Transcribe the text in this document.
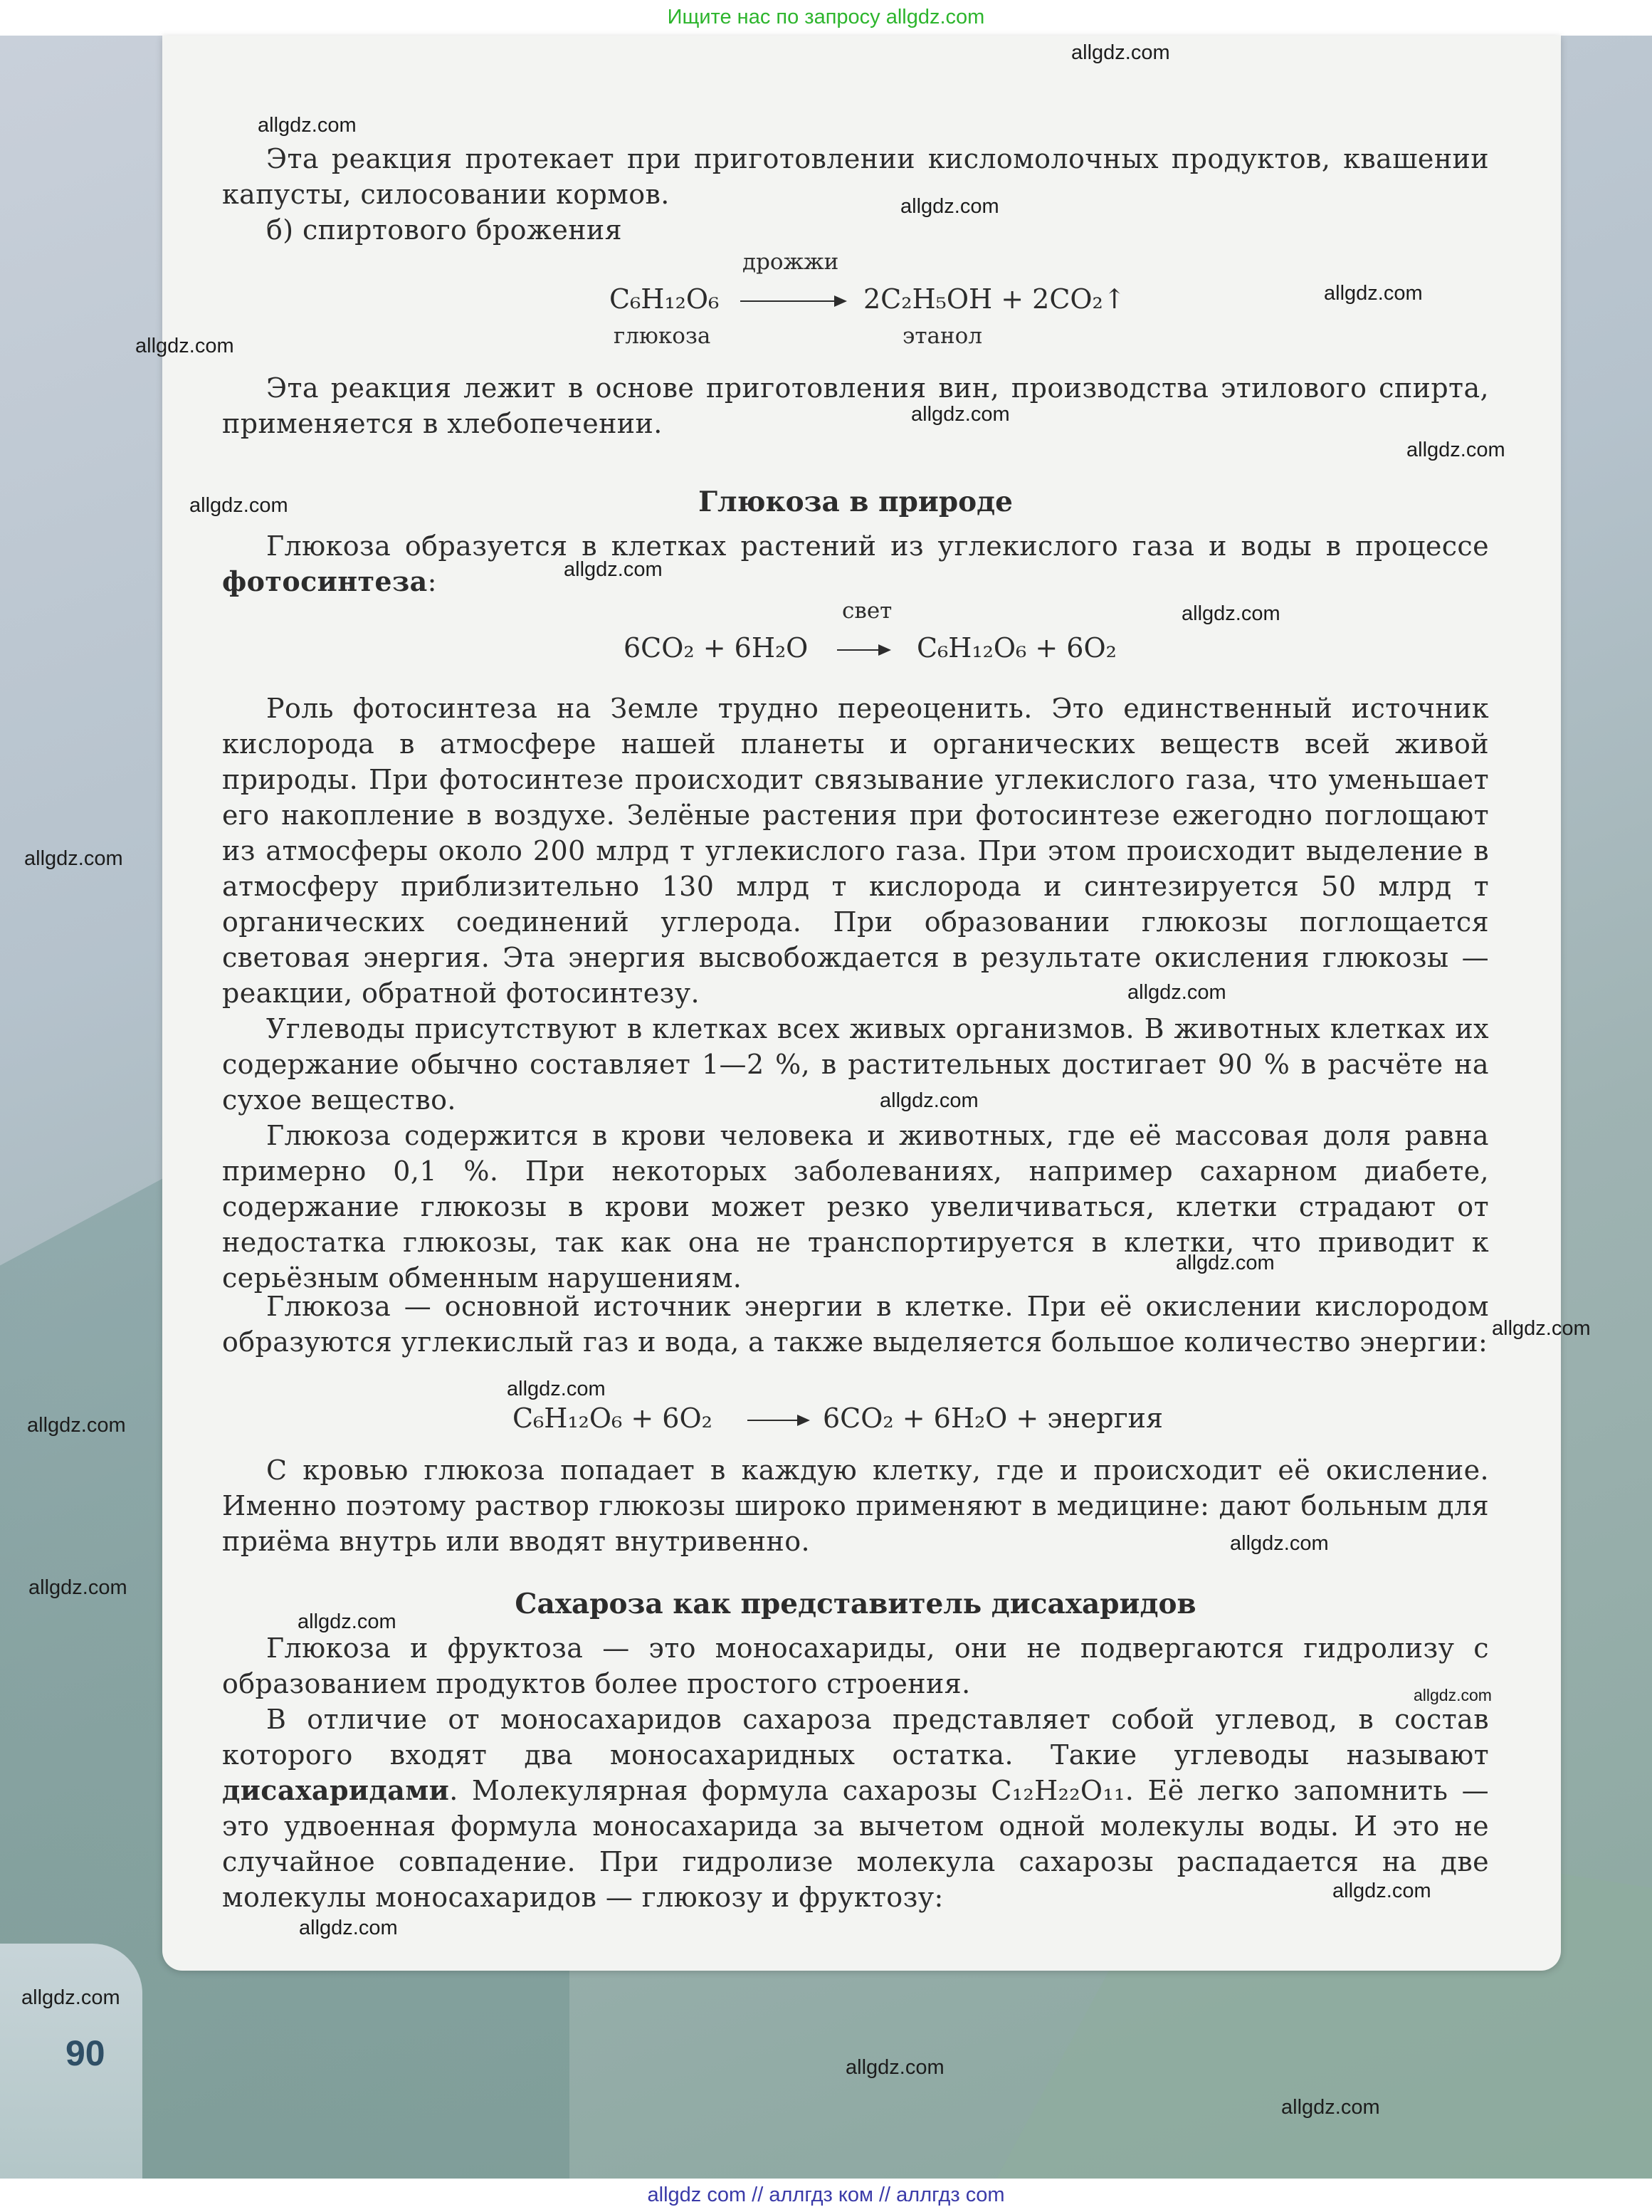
Ищите нас по запросу allgdz.com

Эта реакция протекает при приготовлении кисломолочных продуктов, квашении капусты, силосовании кормов.

б) спиртового брожения

C₆H₁₂O₆
дрожжи
2C₂H₅OH + 2CO₂↑
глюкоза	этанол

Эта реакция лежит в основе приготовления вин, производства этилового спирта, применяется в хлебопечении.

Глюкоза в природе

Глюкоза образуется в клетках растений из углекислого газа и воды в процессе фотосинтеза:

6CO₂ + 6H₂O
свет
C₆H₁₂O₆ + 6O₂

Роль фотосинтеза на Земле трудно переоценить. Это единственный источник кислорода в атмосфере нашей планеты и органических веществ всей живой природы. При фотосинтезе происходит связывание углекислого газа, что уменьшает его накопление в воздухе. Зелёные растения при фотосинтезе ежегодно поглощают из атмосферы около 200 млрд т углекислого газа. При этом происходит выделение в атмосферу приблизительно 130 млрд т кислорода и синтезируется 50 млрд т органических соединений углерода. При образовании глюкозы поглощается световая энергия. Эта энергия высвобождается в результате окисления глюкозы — реакции, обратной фотосинтезу.

Углеводы присутствуют в клетках всех живых организмов. В животных клетках их содержание обычно составляет 1—2 %, в растительных достигает 90 % в расчёте на сухое вещество.

Глюкоза содержится в крови человека и животных, где её массовая доля равна примерно 0,1 %. При некоторых заболеваниях, например сахарном диабете, содержание глюкозы в крови может резко увеличиваться, клетки страдают от недостатка глюкозы, так как она не транспортируется в клетки, что приводит к серьёзным обменным нарушениям.

Глюкоза — основной источник энергии в клетке. При её окислении кислородом образуются углекислый газ и вода, а также выделяется большое количество энергии:

C₆H₁₂O₆ + 6O₂	6CO₂ + 6H₂O + энергия

С кровью глюкоза попадает в каждую клетку, где и происходит её окисление. Именно поэтому раствор глюкозы широко применяют в медицине: дают больным для приёма внутрь или вводят внутривенно.

Сахароза как представитель дисахаридов

Глюкоза и фруктоза — это моносахариды, они не подвергаются гидролизу с образованием продуктов более простого строения.

В отличие от моносахаридов сахароза представляет собой углевод, в состав которого входят два моносахаридных остатка. Такие углеводы называют дисахаридами. Молекулярная формула сахарозы C₁₂H₂₂O₁₁. Её легко запомнить — это удвоенная формула моносахарида за вычетом одной молекулы воды. И это не случайное совпадение. При гидролизе молекула сахарозы распадается на две молекулы моносахаридов — глюкозу и фруктозу:

90
allgdz.com
allgdz.com
allgdz.com
allgdz.com
allgdz.com
allgdz.com
allgdz.com
allgdz.com
allgdz.com
allgdz.com
allgdz.com
allgdz.com
allgdz.com
allgdz.com
allgdz.com
allgdz.com
allgdz.com
allgdz.com
allgdz.com
allgdz.com
allgdz.com
allgdz.com
allgdz.com
allgdz.com
allgdz.com
allgdz.com
allgdz com // аллгдз ком // аллгдз com
